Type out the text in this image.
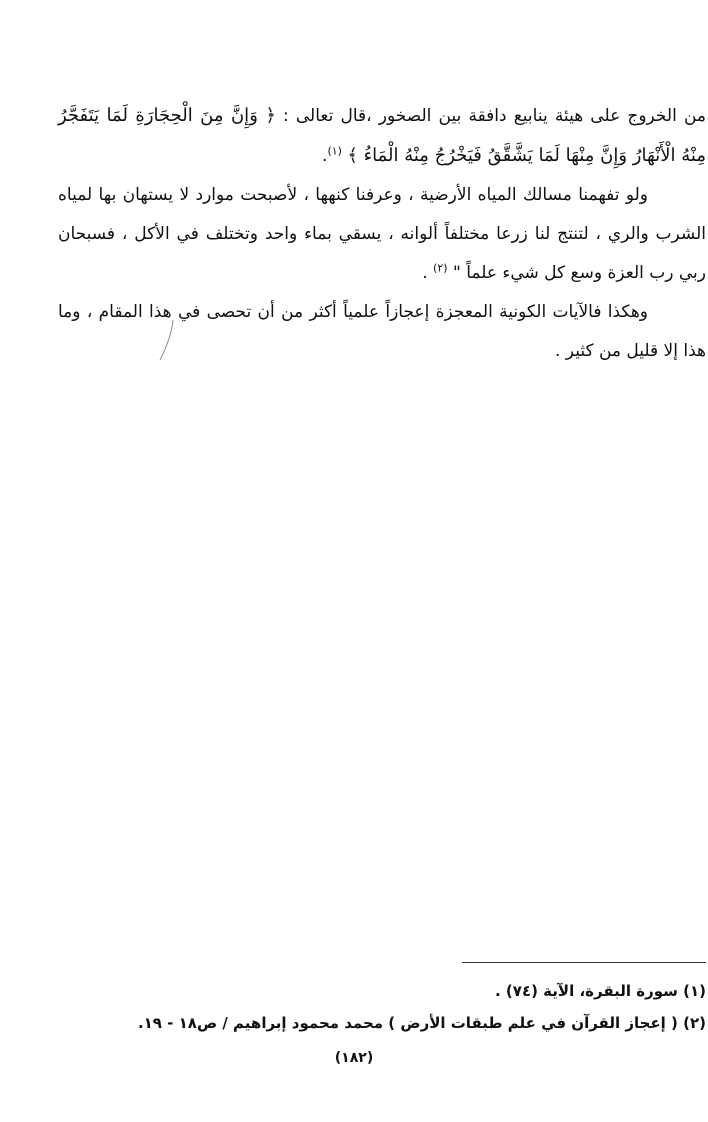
من الخروج على هيئة ينابيع دافقة بين الصخور ،قال تعالى : ﴿ وَإِنَّ مِنَ الْحِجَارَةِ لَمَا يَتَفَجَّرُ مِنْهُ الْأَنْهَارُ وَإِنَّ مِنْهَا لَمَا يَشَّقَّقُ فَيَخْرُجُ مِنْهُ الْمَاءُ ﴾ $^{(١)}$.

ولو تفهمنا مسالك المياه الأرضية ، وعرفنا كنهها ، لأصبحت موارد لا يستهان بها لمياه الشرب والري ، لتنتج لنا زرعا مختلفاً ألوانه ، يسقي بماء واحد وتختلف في الأكل ، فسبحان ربي رب العزة وسع كل شيء علماً " $^{(٢)}$ .

وهكذا فالآيات الكونية المعجزة إعجازاً علمياً أكثر من أن تحصى في هذا المقام ، وما هذا إلا قليل من كثير .

(١) سورة البقرة، الآية (٧٤) .

(٢) ( إعجاز القرآن في علم طبقات الأرض ) محمد محمود إبراهيم / ص١٨ - ١٩.

(١٨٢)
